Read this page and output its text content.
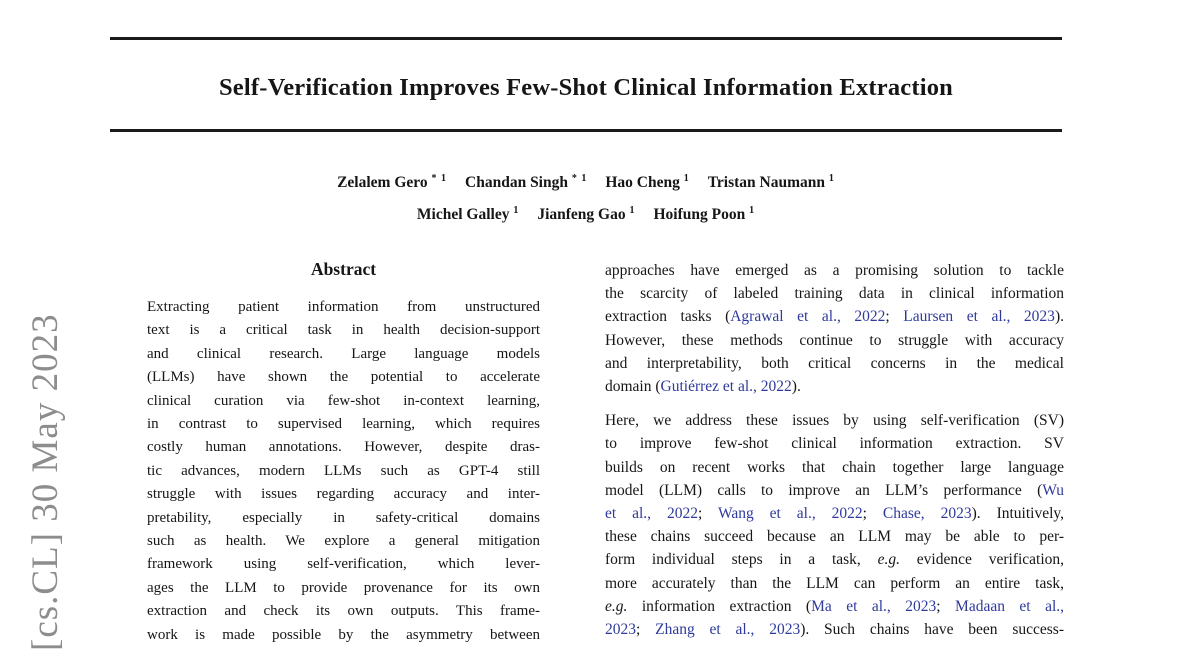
[cs.CL] 30 May 2023
Self-Verification Improves Few-Shot Clinical Information Extraction
Zelalem Gero $^{* 1}$ Chandan Singh $^{* 1}$ Hao Cheng $^1$ Tristan Naumann $^1$
Michel Galley $^1$ Jianfeng Gao $^1$ Hoifung Poon $^1$
Abstract
Extracting patient information from unstructured
text is a critical task in health decision-support
and clinical research. Large language models
(LLMs) have shown the potential to accelerate
clinical curation via few-shot in-context learning,
in contrast to supervised learning, which requires
costly human annotations. However, despite dras-
tic advances, modern LLMs such as GPT-4 still
struggle with issues regarding accuracy and inter-
pretability, especially in safety-critical domains
such as health. We explore a general mitigation
framework using self-verification, which lever-
ages the LLM to provide provenance for its own
extraction and check its own outputs. This frame-
work is made possible by the asymmetry between
approaches have emerged as a promising solution to tackle
the scarcity of labeled training data in clinical information
extraction tasks (Agrawal et al., 2022; Laursen et al., 2023).
However, these methods continue to struggle with accuracy
and interpretability, both critical concerns in the medical
domain (Gutiérrez et al., 2022).
Here, we address these issues by using self-verification (SV)
to improve few-shot clinical information extraction. SV
builds on recent works that chain together large language
model (LLM) calls to improve an LLM’s performance (Wu
et al., 2022; Wang et al., 2022; Chase, 2023). Intuitively,
these chains succeed because an LLM may be able to per-
form individual steps in a task, e.g. evidence verification,
more accurately than the LLM can perform an entire task,
e.g. information extraction (Ma et al., 2023; Madaan et al.,
2023; Zhang et al., 2023). Such chains have been success-
